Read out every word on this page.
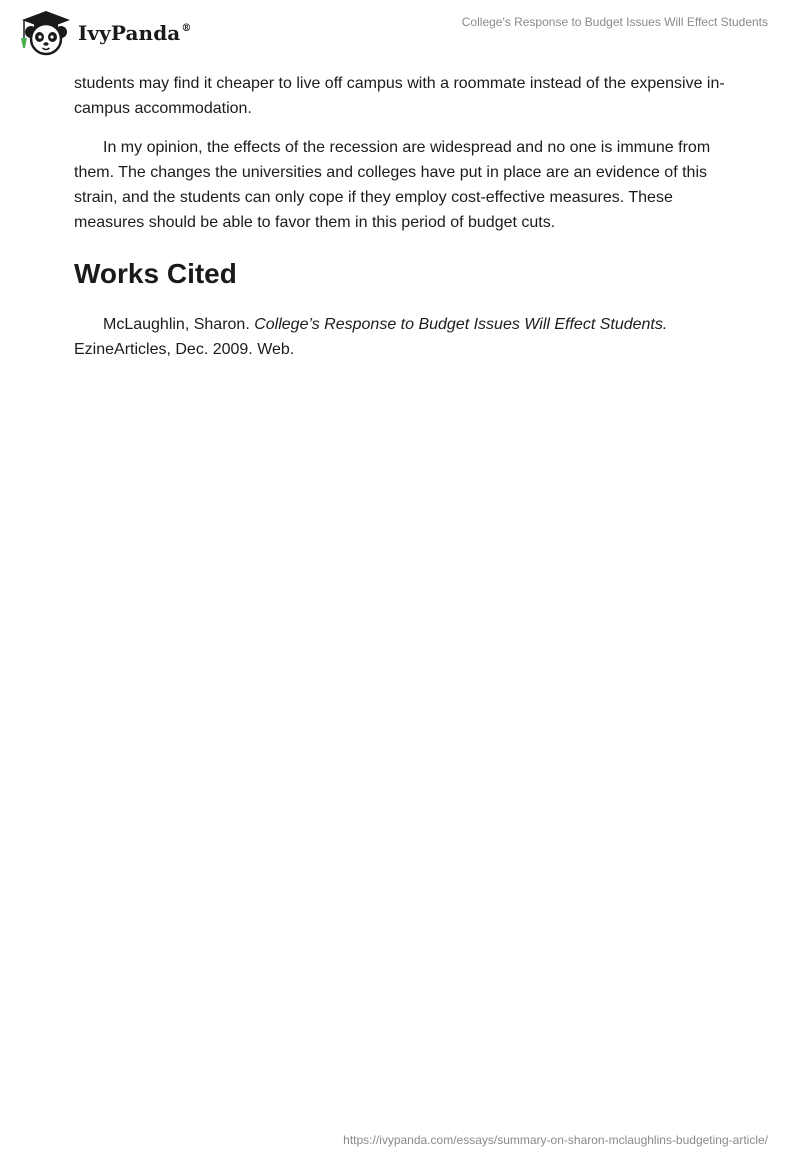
IvyPanda®	College's Response to Budget Issues Will Effect Students

students may find it cheaper to live off campus with a roommate instead of the expensive in-campus accommodation.

In my opinion, the effects of the recession are widespread and no one is immune from them. The changes the universities and colleges have put in place are an evidence of this strain, and the students can only cope if they employ cost-effective measures. These measures should be able to favor them in this period of budget cuts.

Works Cited

McLaughlin, Sharon. College’s Response to Budget Issues Will Effect Students. EzineArticles, Dec. 2009. Web.

https://ivypanda.com/essays/summary-on-sharon-mclaughlins-budgeting-article/
